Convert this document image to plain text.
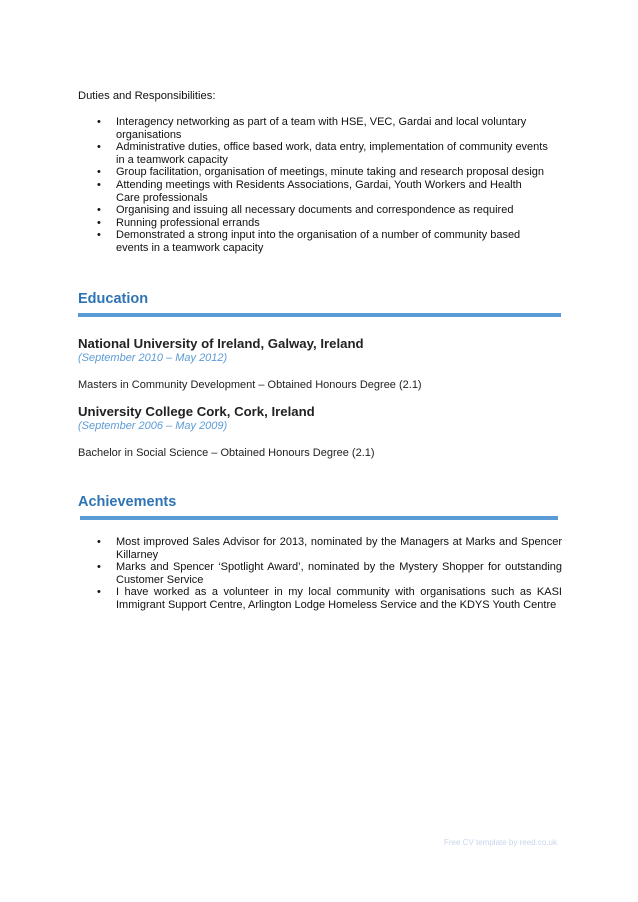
Duties and Responsibilities:
• Interagency networking as part of a team with HSE, VEC, Gardai and local voluntary organisations
• Administrative duties, office based work, data entry, implementation of community events in a teamwork capacity
• Group facilitation, organisation of meetings, minute taking and research proposal design
• Attending meetings with Residents Associations, Gardai, Youth Workers and Health Care professionals
• Organising and issuing all necessary documents and correspondence as required
• Running professional errands
• Demonstrated a strong input into the organisation of a number of community based events in a teamwork capacity
Education
National University of Ireland, Galway, Ireland
(September 2010 – May 2012)
Masters in Community Development – Obtained Honours Degree (2.1)
University College Cork, Cork, Ireland
(September 2006 – May 2009)
Bachelor in Social Science – Obtained Honours Degree (2.1)
Achievements
• Most improved Sales Advisor for 2013, nominated by the Managers at Marks and Spencer Killarney
• Marks and Spencer ‘Spotlight Award’, nominated by the Mystery Shopper for outstanding Customer Service
• I have worked as a volunteer in my local community with organisations such as KASI Immigrant Support Centre, Arlington Lodge Homeless Service and the KDYS Youth Centre
Free CV template by reed.co.uk
